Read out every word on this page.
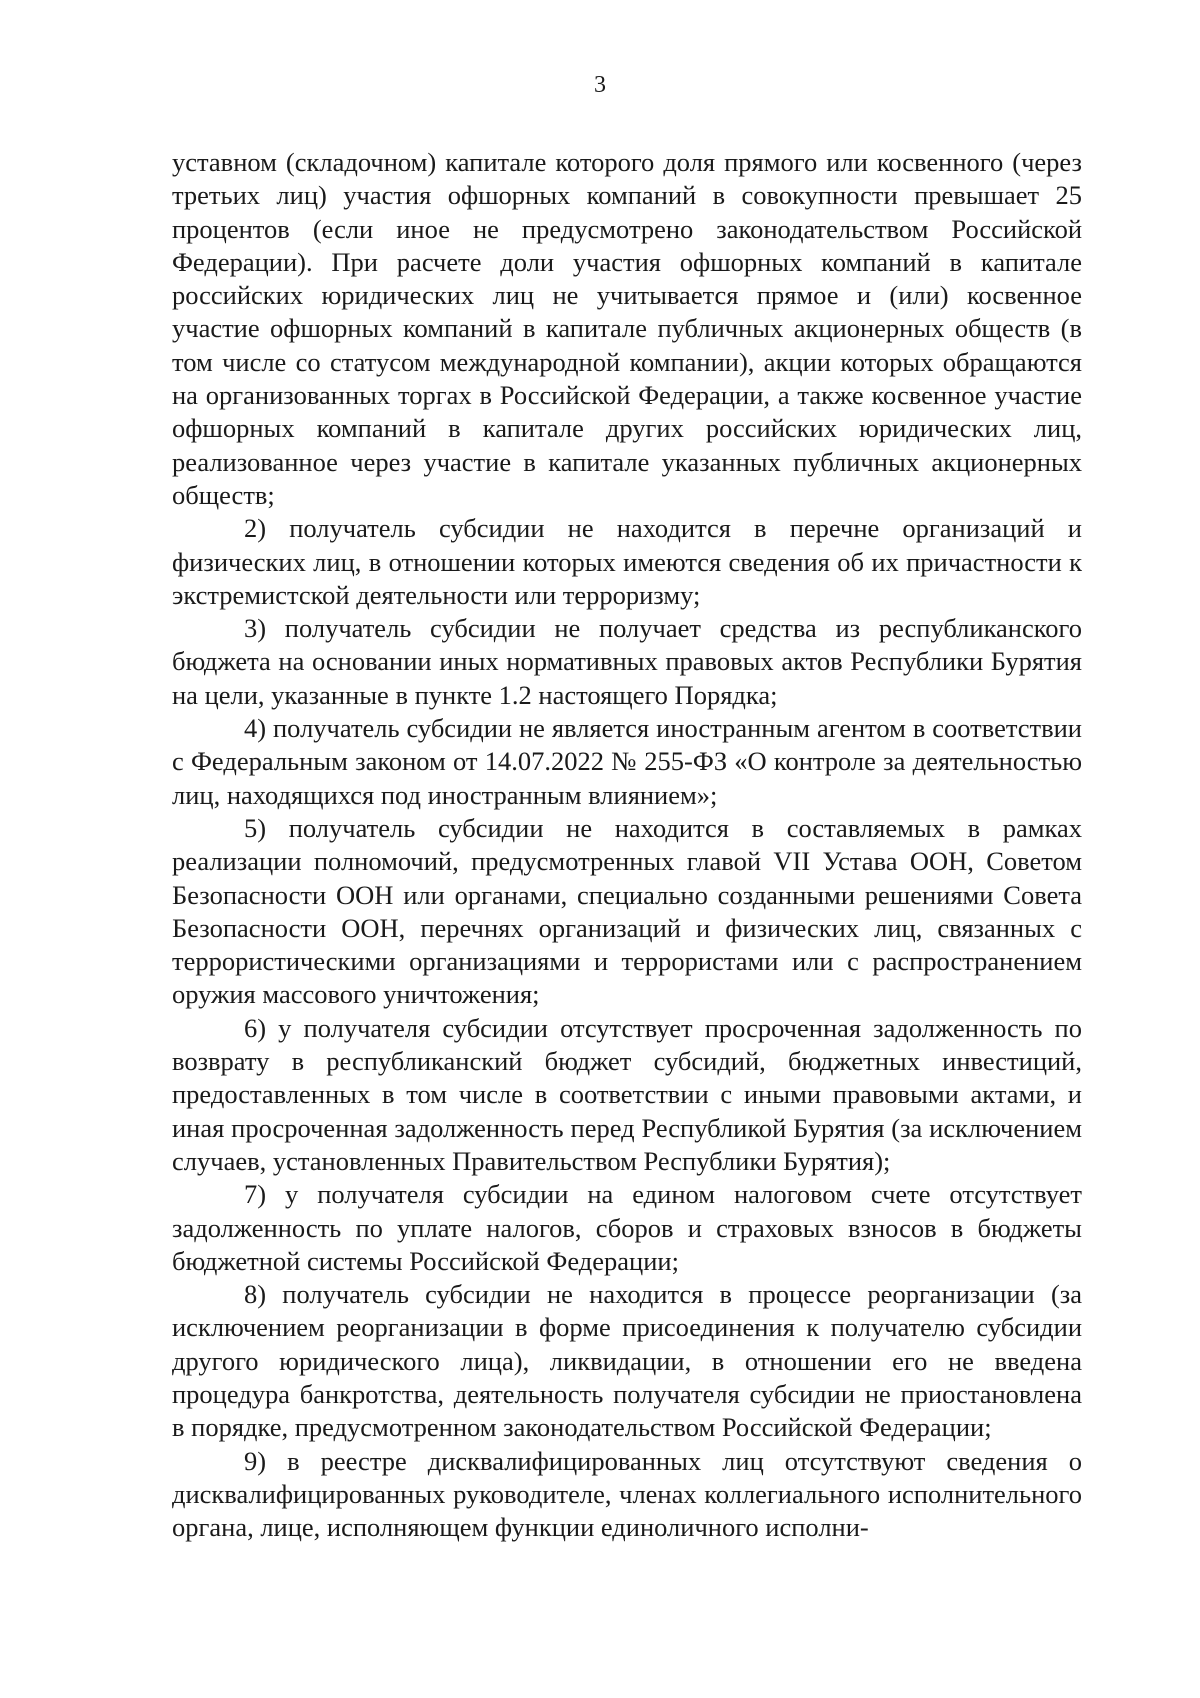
3

уставном (складочном) капитале которого доля прямого или косвенного (через третьих лиц) участия офшорных компаний в совокупности превышает 25 процентов (если иное не предусмотрено законодательством Российской Федерации). При расчете доли участия офшорных компаний в капитале российских юридических лиц не учитывается прямое и (или) косвенное участие офшорных компаний в капитале публичных акционерных обществ (в том числе со статусом международной компании), акции которых обращаются на организованных торгах в Российской Федерации, а также косвенное участие офшорных компаний в капитале других российских юридических лиц, реализованное через участие в капитале указанных публичных акционерных обществ;

2) получатель субсидии не находится в перечне организаций и физических лиц, в отношении которых имеются сведения об их причастности к экстремистской деятельности или терроризму;

3) получатель субсидии не получает средства из республиканского бюджета на основании иных нормативных правовых актов Республики Бурятия на цели, указанные в пункте 1.2 настоящего Порядка;

4) получатель субсидии не является иностранным агентом в соответствии с Федеральным законом от 14.07.2022 № 255-ФЗ «О контроле за деятельностью лиц, находящихся под иностранным влиянием»;

5) получатель субсидии не находится в составляемых в рамках реализации полномочий, предусмотренных главой VII Устава ООН, Советом Безопасности ООН или органами, специально созданными решениями Совета Безопасности ООН, перечнях организаций и физических лиц, связанных с террористическими организациями и террористами или с распространением оружия массового уничтожения;

6) у получателя субсидии отсутствует просроченная задолженность по возврату в республиканский бюджет субсидий, бюджетных инвестиций, предоставленных в том числе в соответствии с иными правовыми актами, и иная просроченная задолженность перед Республикой Бурятия (за исключением случаев, установленных Правительством Республики Бурятия);

7) у получателя субсидии на едином налоговом счете отсутствует задолженность по уплате налогов, сборов и страховых взносов в бюджеты бюджетной системы Российской Федерации;

8) получатель субсидии не находится в процессе реорганизации (за исключением реорганизации в форме присоединения к получателю субсидии другого юридического лица), ликвидации, в отношении его не введена процедура банкротства, деятельность получателя субсидии не приостановлена в порядке, предусмотренном законодательством Российской Федерации;

9) в реестре дисквалифицированных лиц отсутствуют сведения о дисквалифицированных руководителе, членах коллегиального исполнительного органа, лице, исполняющем функции единоличного исполни-
